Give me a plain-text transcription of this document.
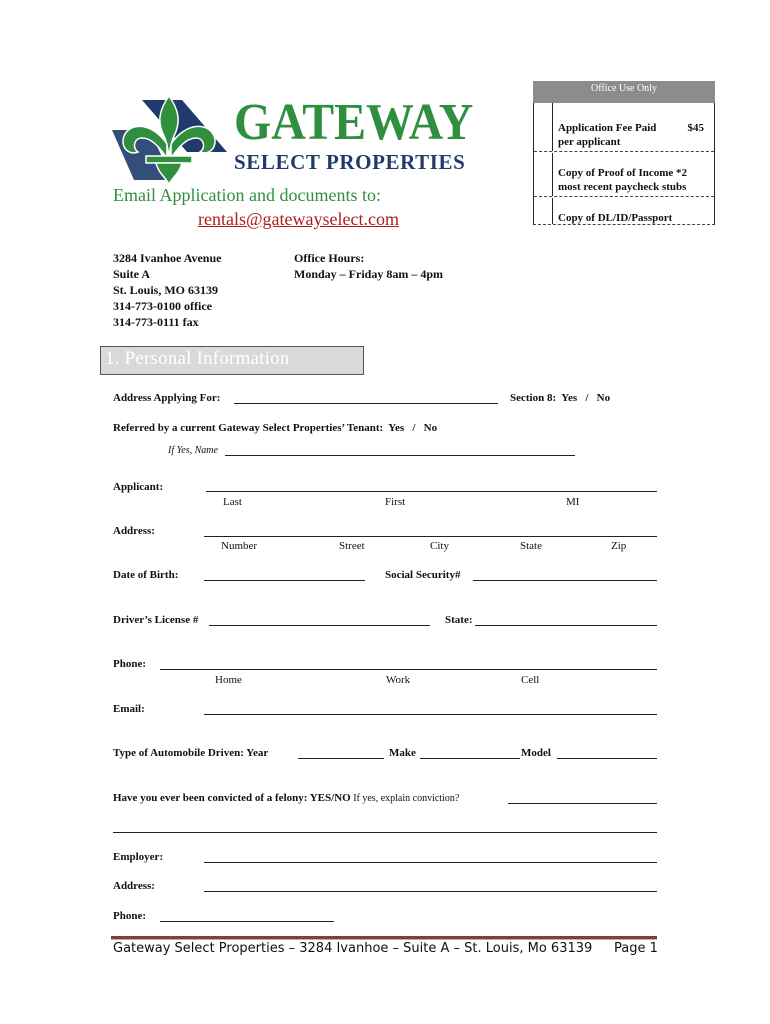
GATEWAY
SELECT PROPERTIES
Email Application and documents to:
rentals@gatewayselect.com
3284 Ivanhoe Avenue
Suite A
St. Louis, MO 63139
314-773-0100 office
314-773-0111 fax
Office Hours:
Monday – Friday 8am – 4pm
Office Use Only
Application Fee Paid	$45
per applicant
Copy of Proof of Income *2
most recent paycheck stubs
Copy of DL/ID/Passport
1. Personal Information
Address Applying For:	Section 8:  Yes   /   No
Referred by a current Gateway Select Properties’ Tenant:  Yes   /   No
If Yes, Name
Applicant:
Last	First	MI
Address:
Number	Street	City	State	Zip
Date of Birth:	Social Security#
Driver’s License #	State:
Phone:
Home	Work	Cell
Email:
Type of Automobile Driven: Year	Make	Model
Have you ever been convicted of a felony: YES/NO If yes, explain conviction?
Employer:
Address:
Phone:
Gateway Select Properties – 3284 Ivanhoe – Suite A – St. Louis, Mo 63139 Page 1
